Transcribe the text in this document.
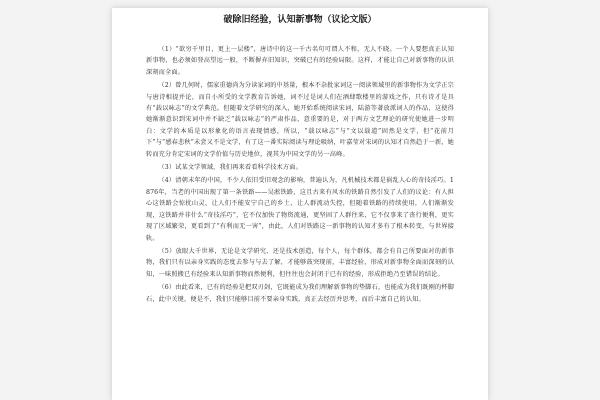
破除旧经验，认知新事物（议论文版）

（1）“欲穷千里目，更上一层楼”，唐诗中的这一千古名句可谓人不和，无人不晓。一个人要想真正认知新事物，也必须如登高望远一般，不断摒弃旧知识，突破已有的经验局限。这样，才能让自己对新事物的认识深刻而全面。

（2）曾几何时，儒家重德尚为分读家词的中基量，根本不杂批家词这一阅读领域里的新事物作为文学正宗与唐诗相提并论，而自小所受的文学教育告诉她，词不过是词人们在酒肆歌楼里的游戏之作，只有诗才是具有“载以咏志”的文学典范。但随着文学研究的深入，她开始系统阅读宋词，陆游等著放派词人的作品，这使得她渐渐意识到宋词中并不缺乏“载以咏志”的严肃作品，意重要的是，对于两方文艺理论的研究使她进一步明白：文学的本质是以形象化的语言表现情感，所以，“载以咏志”与“文以载道”固然是文学，但“花前月下”与“感春悲秋”未尝又不是文学，有了这一番实际阅读与理论吸纳，叶嘉莹对宋词的认知才自然趋于一新，她转而充分肯定宋词的文学价值与历史地位，视其为中国文学的另一高峰。

（3）试某文学领域，我们再来看看科学技术方面。

（4）清朝末年的中国，不少人依旧受旧观念的影响，普遍认为，凡机械技术都是祸乱人心的奇技淫巧。1876年，当老的中国出现了第一条铁路——吴淞铁路，这且古来有风水的铁路自然引发了人们的议论：有人担心这铁路会惊扰山灵，让人们不能安宁自己的乡土，让人群流动失控，但随着铁路的持续使用，人们渐渐发现，这铁路并非什么“奇技淫巧”，它不仅加快了物资流通，更坚固了人群往来，它不仅事来了丧行便利，更实现了区域繁荣，更看到了“有利而无一害”，由此，人们对铁路这一新事物的认知才多有了根本转变，与世界接轨。

（5）放眼大千世界，无论是文学研究，还是技术创造，每个人，每个群体，都会有自己所要面对的新事物，我们只有以亲身实践的态度去参与与去了解，才能够鼓突现前，丰富经验，形成对新事物全面而深刻的认知，一味照搬已有经验来认知新事物而然便利，但往往也会封闭于已有的经验，形成拒绝乃至错误的结论。

（6）由此看来，已有的经验是把双刃剑，它既能成为我们理解新事物的垫脚石，也能成为我们既刚的杯脚石，此中关键，便是不，我们只能够目前不要亲身实践，真正去经历并思考，而后丰富自己的认知。
